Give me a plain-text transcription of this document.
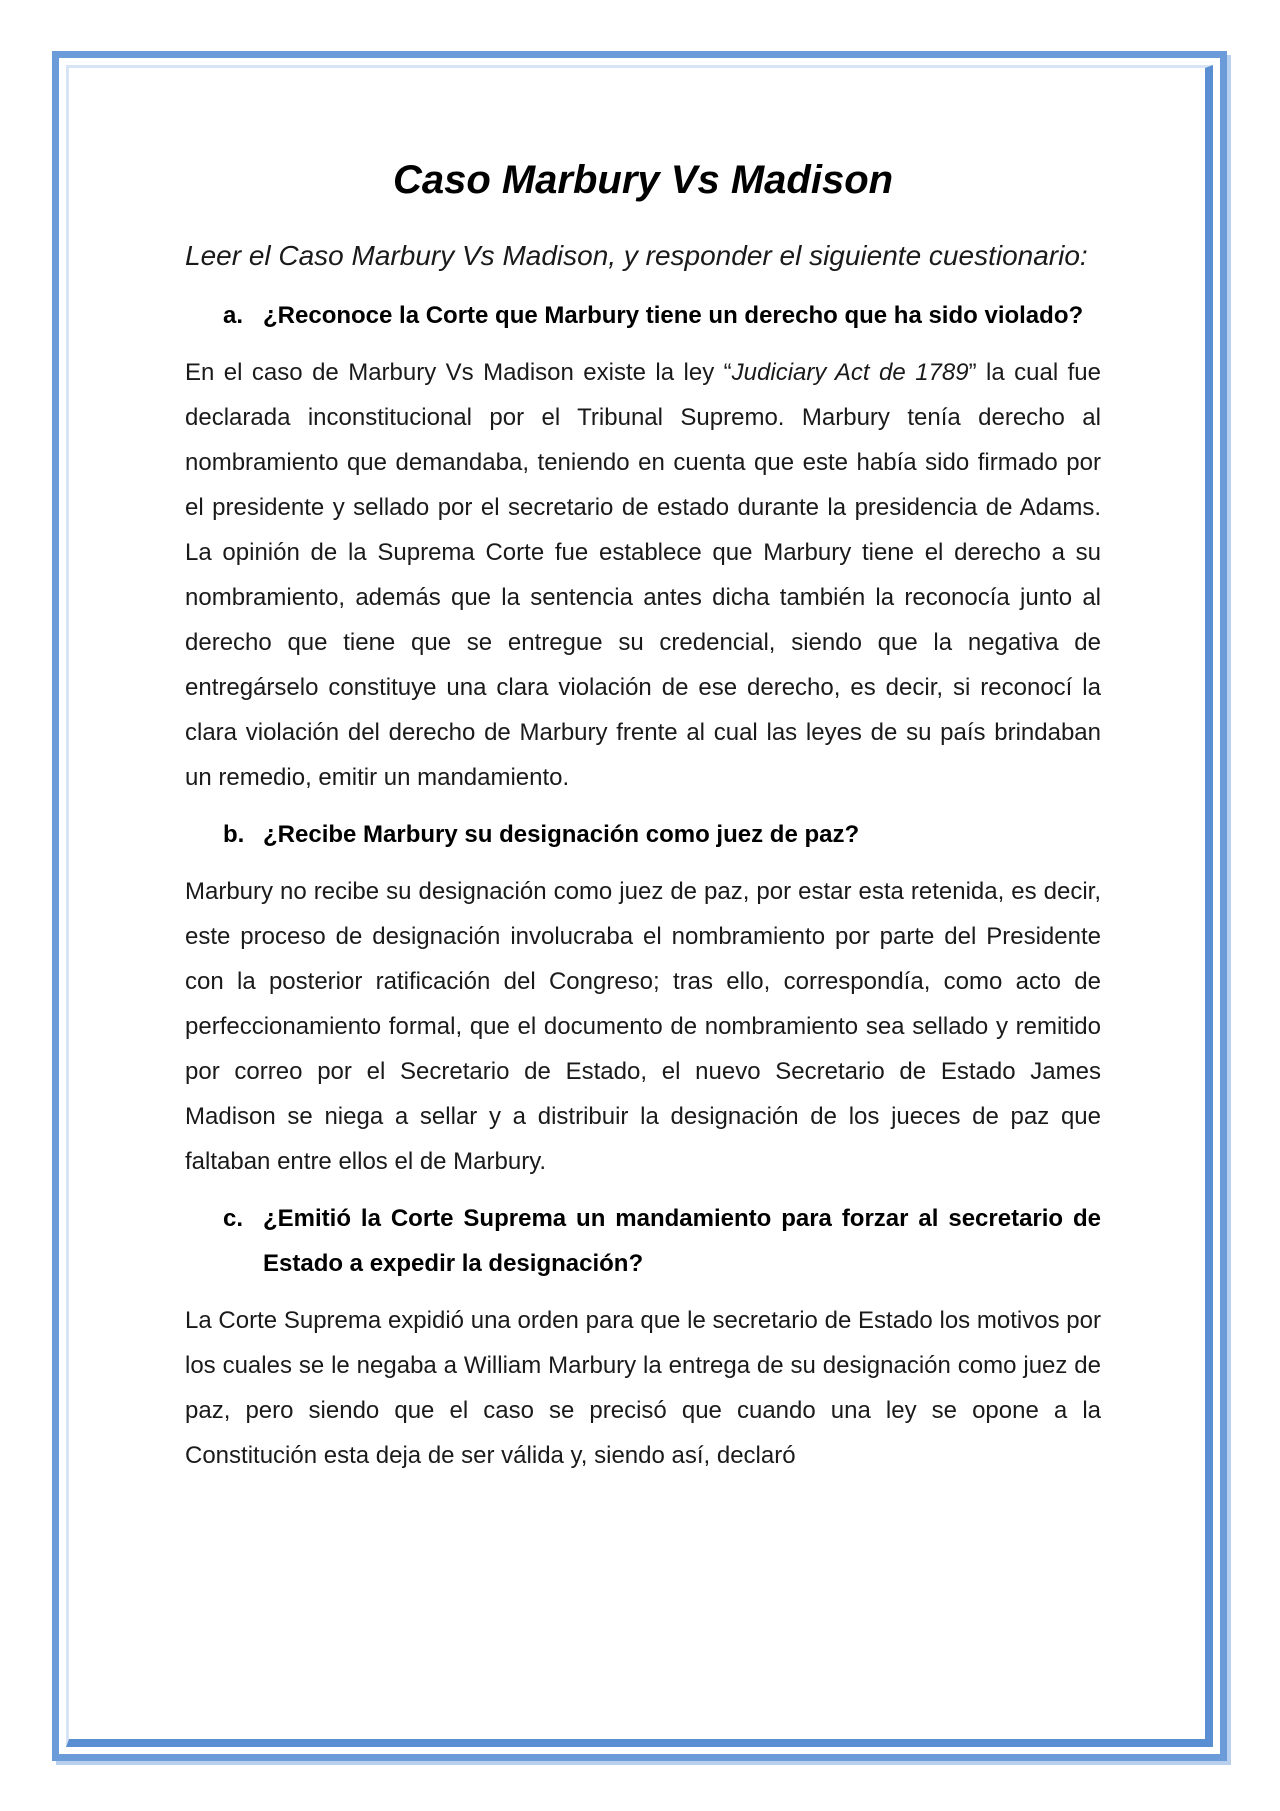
Caso Marbury Vs Madison

Leer el Caso Marbury Vs Madison, y responder el siguiente cuestionario:

a. ¿Reconoce la Corte que Marbury tiene un derecho que ha sido violado?

En el caso de Marbury Vs Madison existe la ley “Judiciary Act de 1789” la cual fue declarada inconstitucional por el Tribunal Supremo. Marbury tenía derecho al nombramiento que demandaba, teniendo en cuenta que este había sido firmado por el presidente y sellado por el secretario de estado durante la presidencia de Adams. La opinión de la Suprema Corte fue establece que Marbury tiene el derecho a su nombramiento, además que la sentencia antes dicha también la reconocía junto al derecho que tiene que se entregue su credencial, siendo que la negativa de entregárselo constituye una clara violación de ese derecho, es decir, si reconocí la clara violación del derecho de Marbury frente al cual las leyes de su país brindaban un remedio, emitir un mandamiento.

b. ¿Recibe Marbury su designación como juez de paz?

Marbury no recibe su designación como juez de paz, por estar esta retenida, es decir, este proceso de designación involucraba el nombramiento por parte del Presidente con la posterior ratificación del Congreso; tras ello, correspondía, como acto de perfeccionamiento formal, que el documento de nombramiento sea sellado y remitido por correo por el Secretario de Estado, el nuevo Secretario de Estado James Madison se niega a sellar y a distribuir la designación de los jueces de paz que faltaban entre ellos el de Marbury.

c. ¿Emitió la Corte Suprema un mandamiento para forzar al secretario de Estado a expedir la designación?

La Corte Suprema expidió una orden para que le secretario de Estado los motivos por los cuales se le negaba a William Marbury la entrega de su designación como juez de paz, pero siendo que el caso se precisó que cuando una ley se opone a la Constitución esta deja de ser válida y, siendo así, declaró
